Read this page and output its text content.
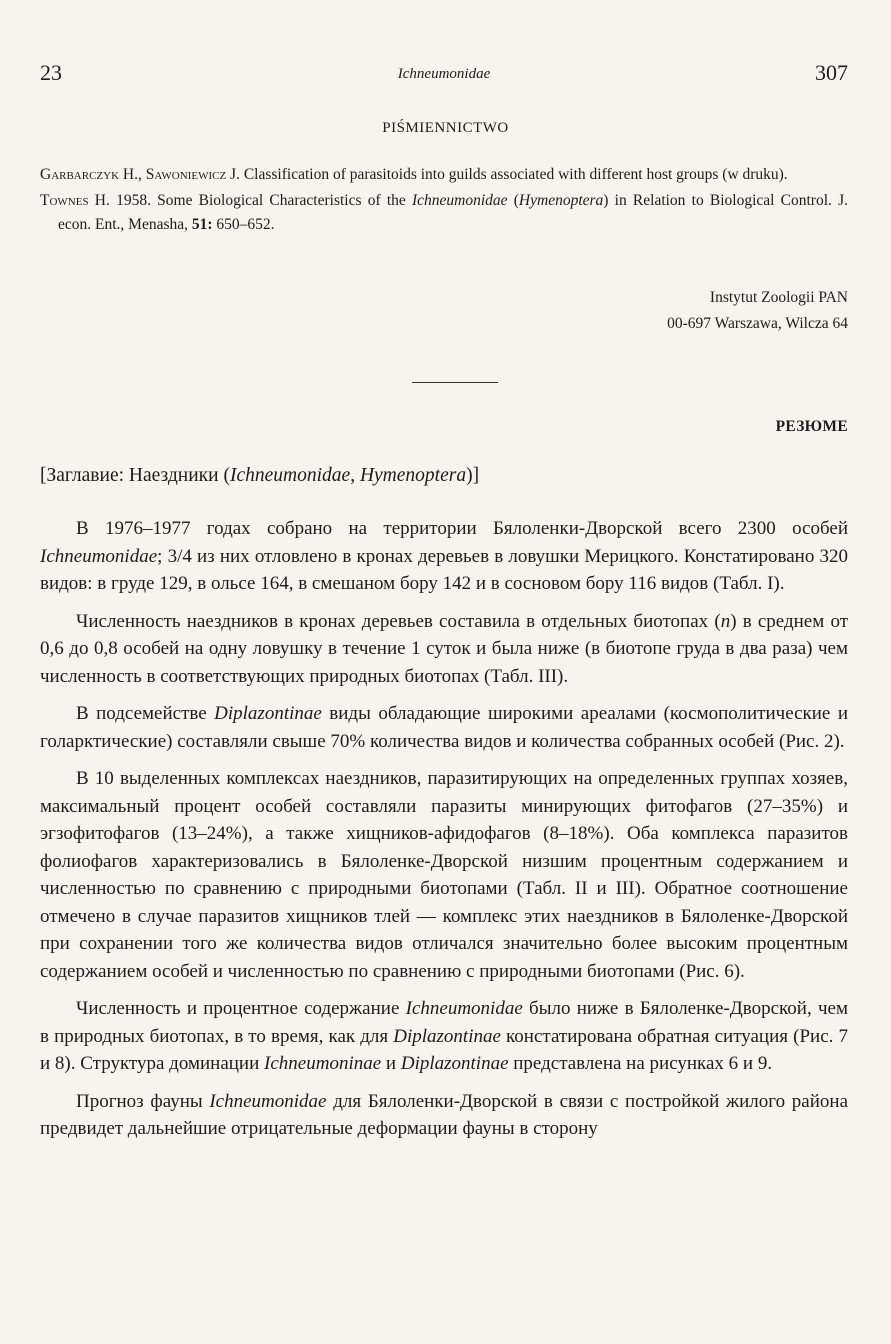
23	Ichneumonidae	307
PIŚMIENNICTWO

Garbarczyk H., Sawoniewicz J. Classification of parasitoids into guilds associated with different host groups (w druku).

Townes H. 1958. Some Biological Characteristics of the Ichneumonidae (Hymenoptera) in Relation to Biological Control. J. econ. Ent., Menasha, 51: 650–652.

Instytut Zoologii PAN
00-697 Warszawa, Wilcza 64
РЕЗЮМЕ
[Заглавие: Наездники (Ichneumonidae, Hymenoptera)]

В 1976–1977 годах собрано на территории Бялоленки-Дворской всего 2300 особей Ichneumonidae; 3/4 из них отловлено в кронах деревьев в ловушки Мерицкого. Констатировано 320 видов: в груде 129, в ольсе 164, в смешаном бору 142 и в сосновом бору 116 видов (Табл. I).

Численность наездников в кронах деревьев составила в отдельных биотопах (n) в среднем от 0,6 до 0,8 особей на одну ловушку в течение 1 суток и была ниже (в биотопе груда в два раза) чем численность в соответствующих природных биотопах (Табл. III).

В подсемействе Diplazontinae виды обладающие широкими ареалами (космополитические и голарктические) составляли свыше 70% количества видов и количества собранных особей (Рис. 2).

В 10 выделенных комплексах наездников, паразитирующих на определенных группах хозяев, максимальный процент особей составляли паразиты минирующих фитофагов (27–35%) и эгзофитофагов (13–24%), а также хищников-афидофагов (8–18%). Оба комплекса паразитов фолиофагов характеризовались в Бялоленке-Дворской низшим процентным содержанием и численностью по сравнению с природными биотопами (Табл. II и III). Обратное соотношение отмечено в случае паразитов хищников тлей — комплекс этих наездников в Бялоленке-Дворской при сохранении того же количества видов отличался значительно более высоким процентным содержанием особей и численностью по сравнению с природными биотопами (Рис. 6).

Численность и процентное содержание Ichneumonidae было ниже в Бялоленке-Дворской, чем в природных биотопах, в то время, как для Diplazontinae констатирована обратная ситуация (Рис. 7 и 8). Структура доминации Ichneumoninae и Diplazontinae представлена на рисунках 6 и 9.

Прогноз фауны Ichneumonidae для Бялоленки-Дворской в связи с постройкой жилого района предвидет дальнейшие отрицательные деформации фауны в сторону
